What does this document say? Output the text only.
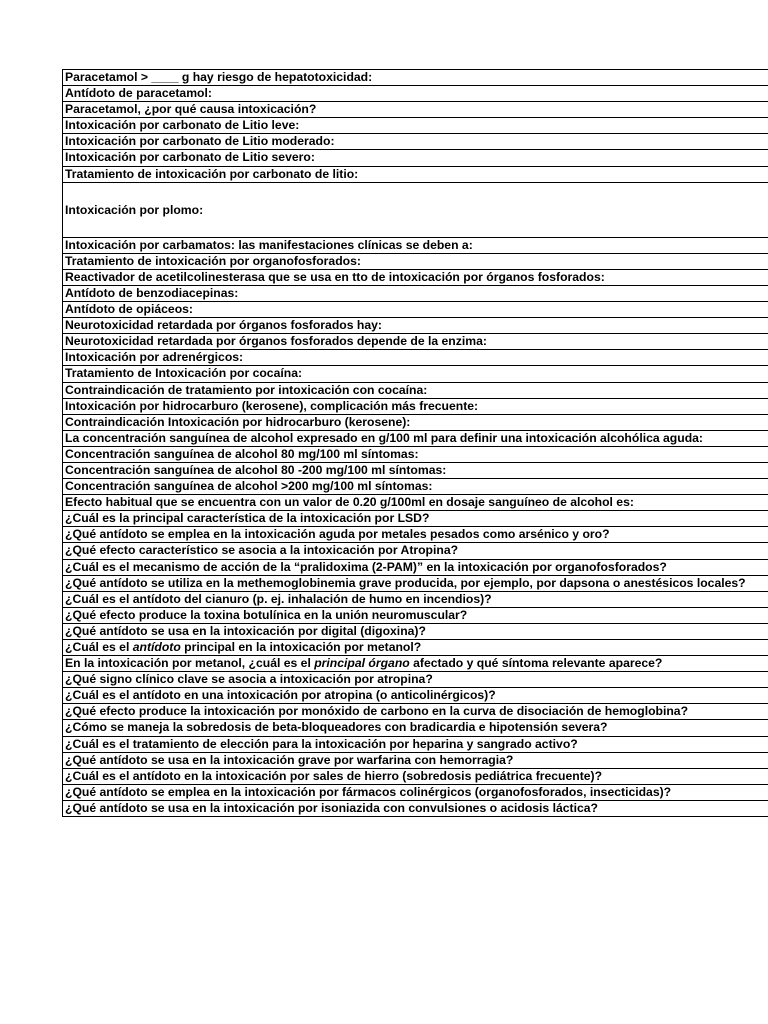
Paracetamol > ____ g hay riesgo de hepatotoxicidad:
Antídoto de paracetamol:
Paracetamol, ¿por qué causa intoxicación?
Intoxicación por carbonato de Litio leve:
Intoxicación por carbonato de Litio moderado:
Intoxicación por carbonato de Litio severo:
Tratamiento de intoxicación por carbonato de litio:
Intoxicación por plomo:
Intoxicación por carbamatos: las manifestaciones clínicas se deben a:
Tratamiento de intoxicación por organofosforados:
Reactivador de acetilcolinesterasa que se usa en tto de intoxicación por órganos fosforados:
Antídoto de benzodiacepinas:
Antídoto de opiáceos:
Neurotoxicidad retardada por órganos fosforados hay:
Neurotoxicidad retardada por órganos fosforados depende de la enzima:
Intoxicación por adrenérgicos:
Tratamiento de Intoxicación por cocaína:
Contraindicación de tratamiento por intoxicación con cocaína:
Intoxicación por hidrocarburo (kerosene), complicación más frecuente:
Contraindicación Intoxicación por hidrocarburo (kerosene):
La concentración sanguínea de alcohol expresado en g/100 ml para definir una intoxicación alcohólica aguda:
Concentración sanguínea de alcohol 80 mg/100 ml síntomas:
Concentración sanguínea de alcohol 80 -200 mg/100 ml síntomas:
Concentración sanguínea de alcohol >200 mg/100 ml síntomas:
Efecto habitual que se encuentra con un valor de 0.20 g/100ml en dosaje sanguíneo de alcohol es:
¿Cuál es la principal característica de la intoxicación por LSD?
¿Qué antídoto se emplea en la intoxicación aguda por metales pesados como arsénico y oro?
¿Qué efecto característico se asocia a la intoxicación por Atropina?
¿Cuál es el mecanismo de acción de la “pralidoxima (2-PAM)” en la intoxicación por organofosforados?
¿Qué antídoto se utiliza en la methemoglobinemia grave producida, por ejemplo, por dapsona o anestésicos locales?
¿Cuál es el antídoto del cianuro (p. ej. inhalación de humo en incendios)?
¿Qué efecto produce la toxina botulínica en la unión neuromuscular?
¿Qué antídoto se usa en la intoxicación por digital (digoxina)?
¿Cuál es el antídoto principal en la intoxicación por metanol?
En la intoxicación por metanol, ¿cuál es el principal órgano afectado y qué síntoma relevante aparece?
¿Qué signo clínico clave se asocia a intoxicación por atropina?
¿Cuál es el antídoto en una intoxicación por atropina (o anticolinérgicos)?
¿Qué efecto produce la intoxicación por monóxido de carbono en la curva de disociación de hemoglobina?
¿Cómo se maneja la sobredosis de beta-bloqueadores con bradicardia e hipotensión severa?
¿Cuál es el tratamiento de elección para la intoxicación por heparina y sangrado activo?
¿Qué antídoto se usa en la intoxicación grave por warfarina con hemorragia?
¿Cuál es el antídoto en la intoxicación por sales de hierro (sobredosis pediátrica frecuente)?
¿Qué antídoto se emplea en la intoxicación por fármacos colinérgicos (organofosforados, insecticidas)?
¿Qué antídoto se usa en la intoxicación por isoniazida con convulsiones o acidosis láctica?
